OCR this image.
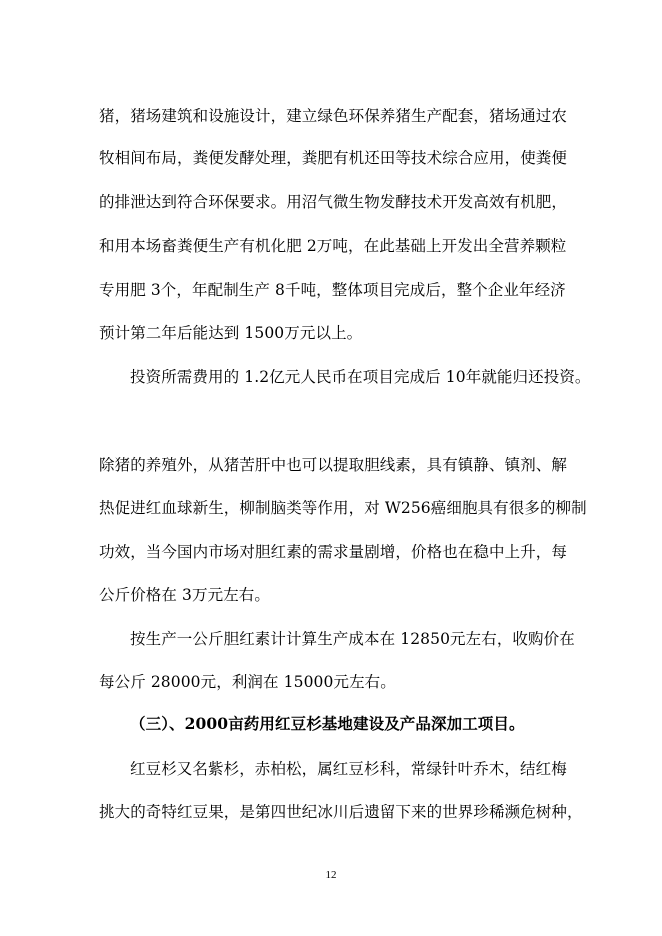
猪，猪场建筑和设施设计，建立绿色环保养猪生产配套，猪场通过农
牧相间布局，粪便发酵处理，粪肥有机还田等技术综合应用，使粪便
的排泄达到符合环保要求。用沼气微生物发酵技术开发高效有机肥，
和用本场畜粪便生产有机化肥 2万吨，在此基础上开发出全营养颗粒
专用肥 3个，年配制生产 8千吨，整体项目完成后，整个企业年经济
预计第二年后能达到 1500万元以上。
投资所需费用的 1.2亿元人民币在项目完成后 10年就能归还投资。
除猪的养殖外，从猪苦肝中也可以提取胆线素，具有镇静、镇剂、解
热促进红血球新生，柳制脑类等作用，对 W256癌细胞具有很多的柳制
功效，当今国内市场对胆红素的需求量剧增，价格也在稳中上升，每
公斤价格在 3万元左右。
按生产一公斤胆红素计计算生产成本在 12850元左右，收购价在
每公斤 28000元，利润在 15000元左右。
（三）、2000亩药用红豆杉基地建设及产品深加工项目。
红豆杉又名紫杉，赤柏松，属红豆杉科，常绿针叶乔木，结红梅
挑大的奇特红豆果，是第四世纪冰川后遗留下来的世界珍稀濒危树种，
12
